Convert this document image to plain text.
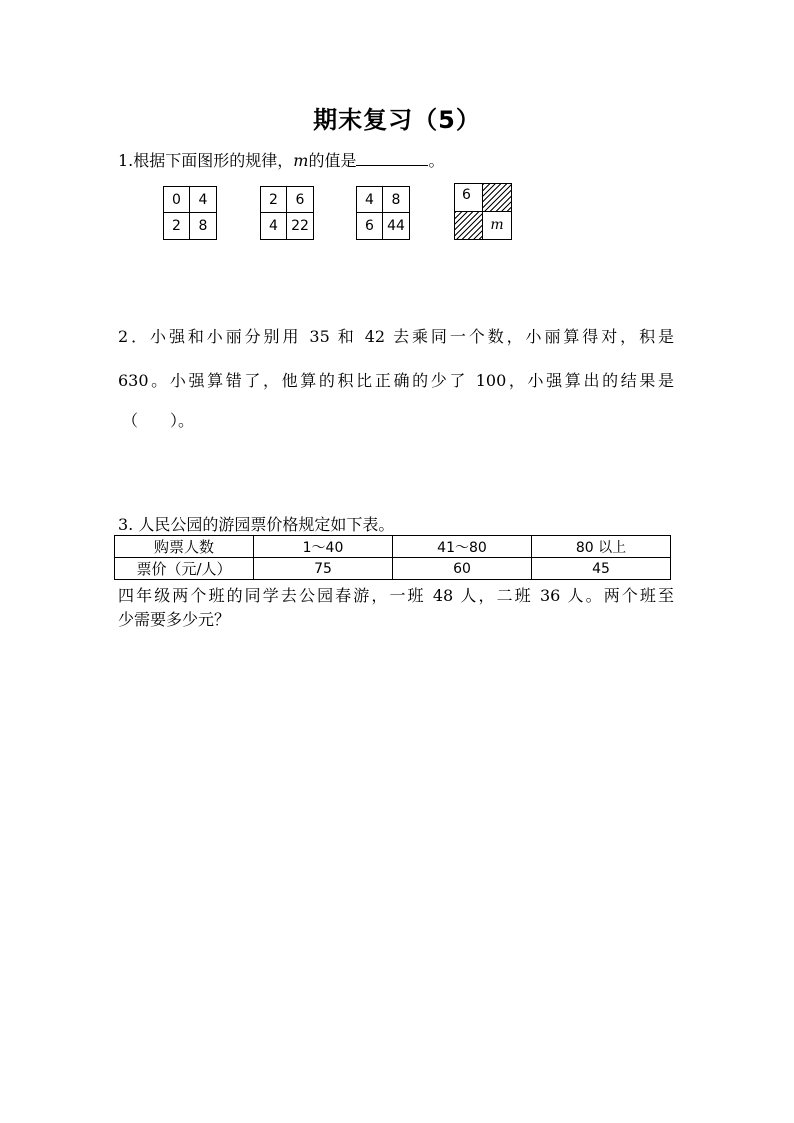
期末复习（5）
1.根据下面图形的规律，m的值是	。
0	4
2	8
2	6
4 22
4	8
6 44
6
m
2．小强和小丽分别用 35 和 42 去乘同一个数，小丽算得对，积是
630。小强算错了，他算的积比正确的少了 100，小强算出的结果是
（　　）。
3. 人民公园的游园票价格规定如下表。
购票人数	1～40	41～80	80 以上
票价（元/人）	75	60	45
四年级两个班的同学去公园春游，一班 48 人，二班 36 人。两个班至
少需要多少元？
